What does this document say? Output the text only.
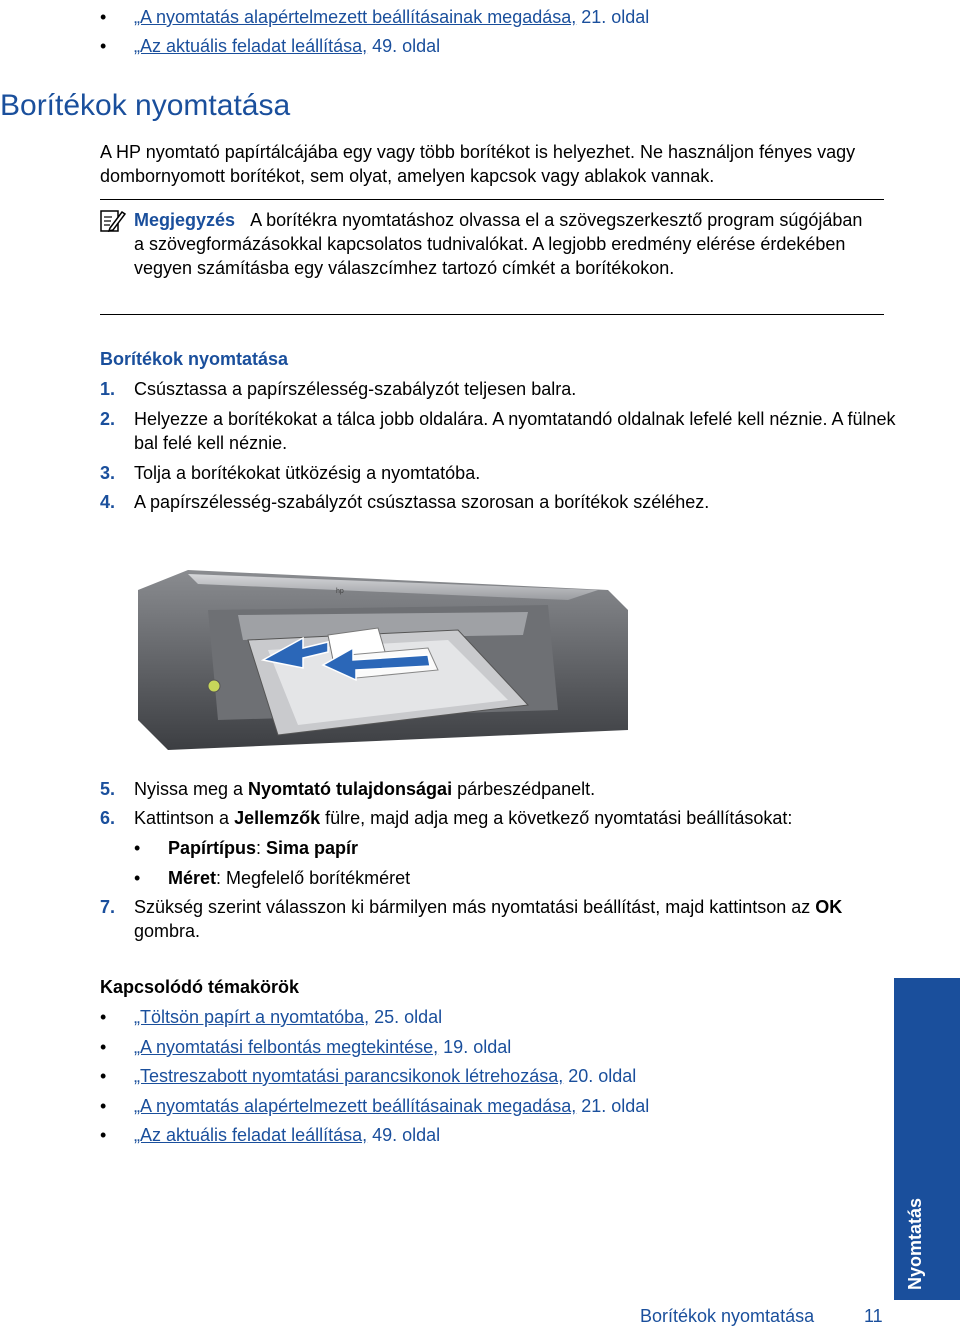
•	„A nyomtatás alapértelmezett beállításainak megadása, 21. oldal
•	„Az aktuális feladat leállítása, 49. oldal
Borítékok nyomtatása
A HP nyomtató papírtálcájába egy vagy több borítékot is helyezhet. Ne használjon fényes vagy dombornyomott borítékot, sem olyat, amelyen kapcsok vagy ablakok vannak.
Megjegyzés A borítékra nyomtatáshoz olvassa el a szövegszerkesztő program súgójában a szövegformázásokkal kapcsolatos tudnivalókat. A legjobb eredmény elérése érdekében vegyen számításba egy válaszcímhez tartozó címkét a borítékokon.
Borítékok nyomtatása
1. Csúsztassa a papírszélesség-szabályzót teljesen balra.
2. Helyezze a borítékokat a tálca jobb oldalára. A nyomtatandó oldalnak lefelé kell néznie. A fülnek bal felé kell néznie.
3. Tolja a borítékokat ütközésig a nyomtatóba.
4. A papírszélesség-szabályzót csúsztassa szorosan a borítékok széléhez.
hp
5. Nyissa meg a Nyomtató tulajdonságai párbeszédpanelt.
6. Kattintson a Jellemzők fülre, majd adja meg a következő nyomtatási beállításokat:
•	Papírtípus: Sima papír
•	Méret: Megfelelő borítékméret
7. Szükség szerint válasszon ki bármilyen más nyomtatási beállítást, majd kattintson az OK gombra.
Kapcsolódó témakörök
•	„Töltsön papírt a nyomtatóba, 25. oldal
•	„A nyomtatási felbontás megtekintése, 19. oldal
•	„Testreszabott nyomtatási parancsikonok létrehozása, 20. oldal
•	„A nyomtatás alapértelmezett beállításainak megadása, 21. oldal
•	„Az aktuális feladat leállítása, 49. oldal
Nyomtatás
Borítékok nyomtatása	11
